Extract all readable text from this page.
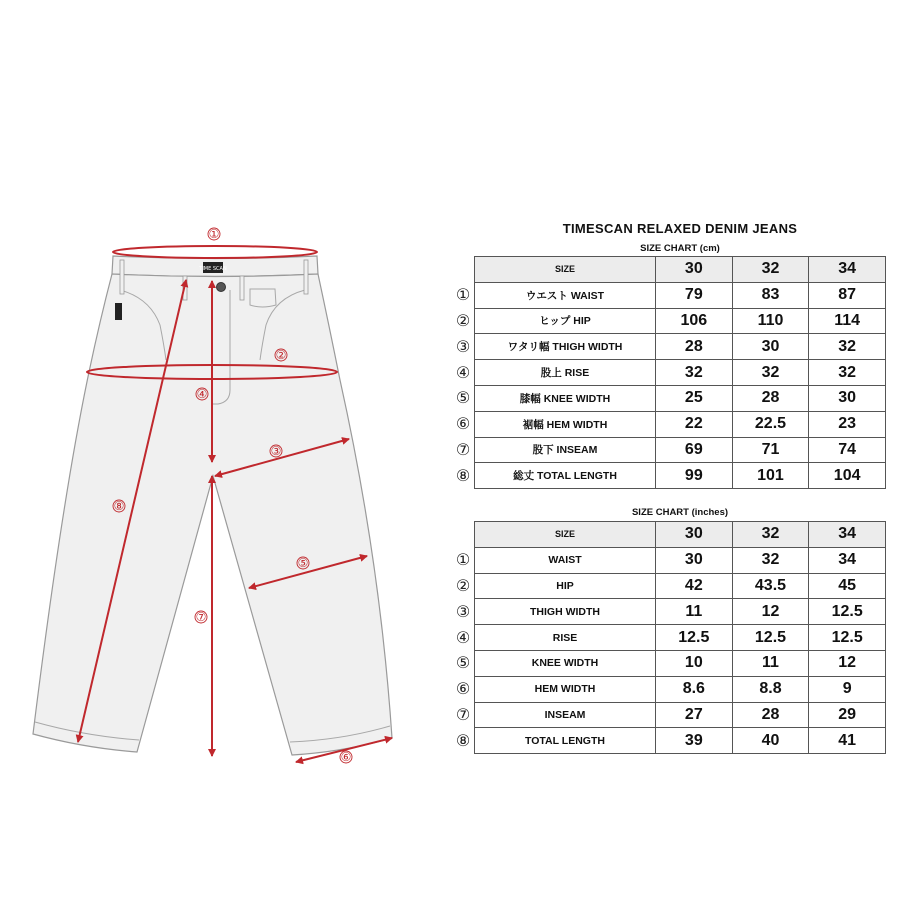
TIME SCAN
①
②
③
④
⑤
⑥
⑦
⑧
TIMESCAN RELAXED DENIM JEANS
SIZE CHART (cm)
①
②
③
④
⑤
⑥
⑦
⑧
SIZE	30	32	34
ウエスト WAIST	79	83	87
ヒップ HIP	106	110	114
ワタリ幅 THIGH WIDTH	28	30	32
股上 RISE	32	32	32
膝幅 KNEE WIDTH	25	28	30
裾幅 HEM WIDTH	22	22.5	23
股下 INSEAM	69	71	74
総丈 TOTAL LENGTH	99	101	104
SIZE CHART (inches)
①
②
③
④
⑤
⑥
⑦
⑧
SIZE	30	32	34
WAIST	30	32	34
HIP	42	43.5	45
THIGH WIDTH	11	12	12.5
RISE	12.5	12.5	12.5
KNEE WIDTH	10	11	12
HEM WIDTH	8.6	8.8	9
INSEAM	27	28	29
TOTAL LENGTH	39	40	41
